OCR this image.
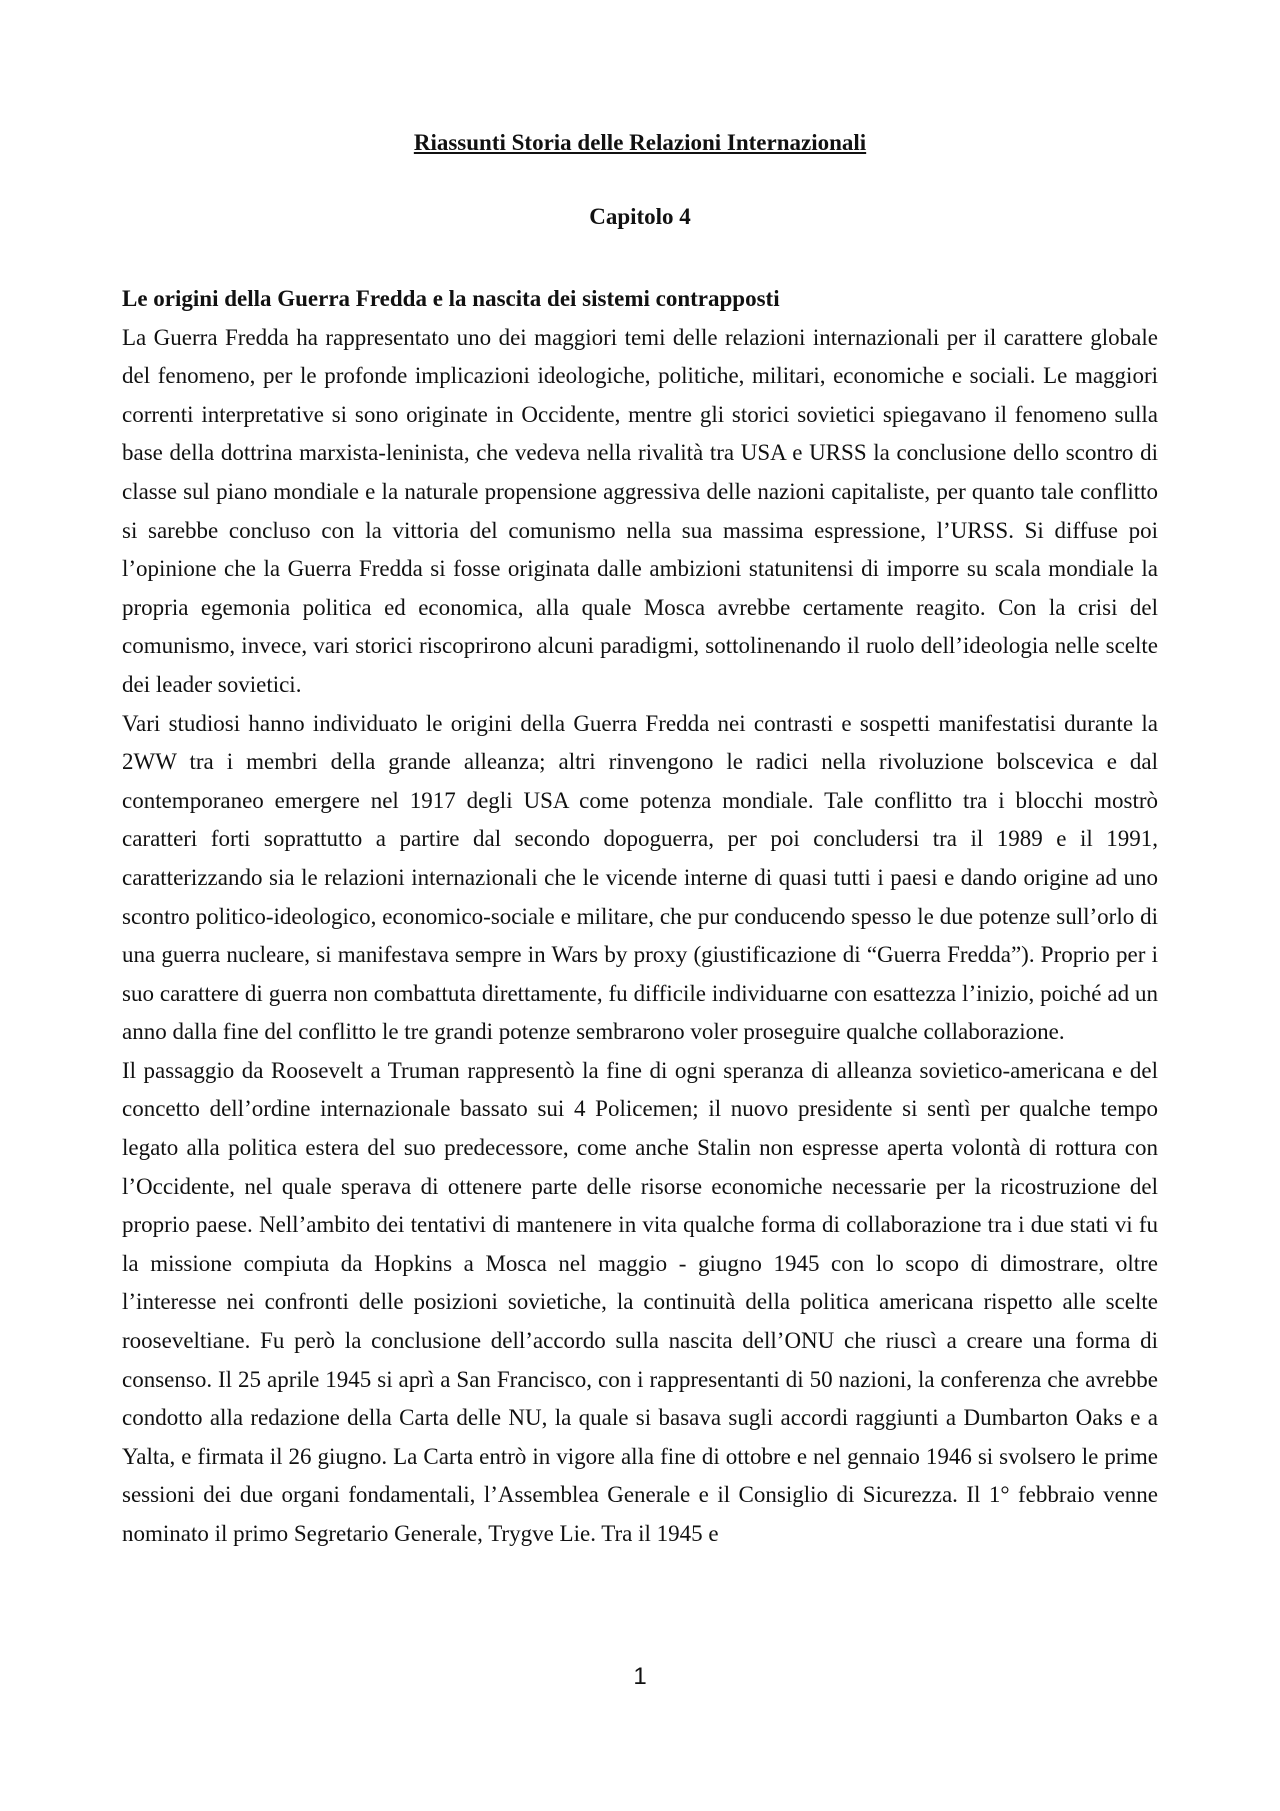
Riassunti Storia delle Relazioni Internazionali
Capitolo 4

Le origini della Guerra Fredda e la nascita dei sistemi contrapposti

La Guerra Fredda ha rappresentato uno dei maggiori temi delle relazioni internazionali per il carattere globale del fenomeno, per le profonde implicazioni ideologiche, politiche, militari, economiche e sociali. Le maggiori correnti interpretative si sono originate in Occidente, mentre gli storici sovietici spiegavano il fenomeno sulla base della dottrina marxista-leninista, che vedeva nella rivalità tra USA e URSS la conclusione dello scontro di classe sul piano mondiale e la naturale propensione aggressiva delle nazioni capitaliste, per quanto tale conflitto si sarebbe concluso con la vittoria del comunismo nella sua massima espressione, l’URSS. Si diffuse poi l’opinione che la Guerra Fredda si fosse originata dalle ambizioni statunitensi di imporre su scala mondiale la propria egemonia politica ed economica, alla quale Mosca avrebbe certamente reagito. Con la crisi del comunismo, invece, vari storici riscoprirono alcuni paradigmi, sottolinenando il ruolo dell’ideologia nelle scelte dei leader sovietici.

Vari studiosi hanno individuato le origini della Guerra Fredda nei contrasti e sospetti manifestatisi durante la 2WW tra i membri della grande alleanza; altri rinvengono le radici nella rivoluzione bolscevica e dal contemporaneo emergere nel 1917 degli USA come potenza mondiale. Tale conflitto tra i blocchi mostrò caratteri forti soprattutto a partire dal secondo dopoguerra, per poi concludersi tra il 1989 e il 1991, caratterizzando sia le relazioni internazionali che le vicende interne di quasi tutti i paesi e dando origine ad uno scontro politico-ideologico, economico-sociale e militare, che pur conducendo spesso le due potenze sull’orlo di una guerra nucleare, si manifestava sempre in Wars by proxy (giustificazione di “Guerra Fredda”). Proprio per i suo carattere di guerra non combattuta direttamente, fu difficile individuarne con esattezza l’inizio, poiché ad un anno dalla fine del conflitto le tre grandi potenze sembrarono voler proseguire qualche collaborazione.

Il passaggio da Roosevelt a Truman rappresentò la fine di ogni speranza di alleanza sovietico-americana e del concetto dell’ordine internazionale bassato sui 4 Policemen; il nuovo presidente si sentì per qualche tempo legato alla politica estera del suo predecessore, come anche Stalin non espresse aperta volontà di rottura con l’Occidente, nel quale sperava di ottenere parte delle risorse economiche necessarie per la ricostruzione del proprio paese. Nell’ambito dei tentativi di mantenere in vita qualche forma di collaborazione tra i due stati vi fu la missione compiuta da Hopkins a Mosca nel maggio - giugno 1945 con lo scopo di dimostrare, oltre l’interesse nei confronti delle posizioni sovietiche, la continuità della politica americana rispetto alle scelte rooseveltiane. Fu però la conclusione dell’accordo sulla nascita dell’ONU che riuscì a creare una forma di consenso. Il 25 aprile 1945 si aprì a San Francisco, con i rappresentanti di 50 nazioni, la conferenza che avrebbe condotto alla redazione della Carta delle NU, la quale si basava sugli accordi raggiunti a Dumbarton Oaks e a Yalta, e firmata il 26 giugno. La Carta entrò in vigore alla fine di ottobre e nel gennaio 1946 si svolsero le prime sessioni dei due organi fondamentali, l’Assemblea Generale e il Consiglio di Sicurezza. Il 1° febbraio venne nominato il primo Segretario Generale, Trygve Lie. Tra il 1945 e

1
